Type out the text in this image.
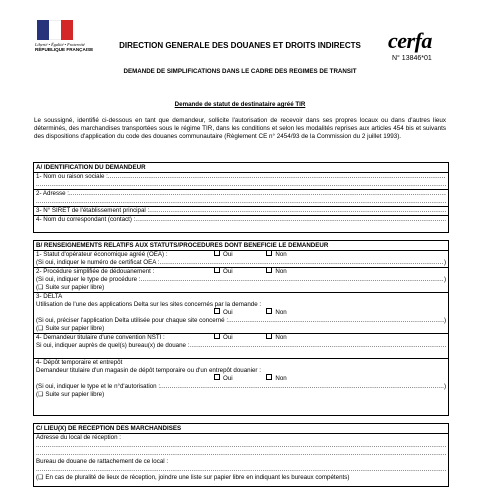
Liberté • Égalité • Fraternité
RÉPUBLIQUE FRANÇAISE	DIRECTION GENERALE DES DOUANES ET DROITS INDIRECTS
DEMANDE DE SIMPLIFICATIONS DANS LE CADRE DES REGIMES DE TRANSIT
cerfa
N° 13846*01
Demande de statut de destinataire agréé TIR
Le soussigné, identifié ci-dessous en tant que demandeur, sollicite l'autorisation de recevoir dans ses propres locaux ou dans d'autres lieux déterminés, des marchandises transportées sous le régime TIR, dans les conditions et selon les modalités reprises aux articles 454 bis et suivants des dispositions d'application du code des douanes communautaire (Règlement CE n° 2454/93 de la Commission du 2 juillet 1993).
A/ IDENTIFICATION DU DEMANDEUR
1- Nom ou raison sociale :
.....
.....
2- Adresse :
.....
.....
3- N° SIRET de l'établissement principal :
.....
4- Nom du correspondant (contact) :
.....
B/ RENSEIGNEMENTS RELATIFS AUX STATUTS/PROCEDURES DONT BENEFICIE LE DEMANDEUR
1- Statut d'opérateur économique agréé (OEA) :	Oui	Non
(Si oui, indiquer le numéro de certificat OEA : .....	)
2- Procédure simplifiée de dédouanement :	Oui	Non
(Si oui, indiquer le type de procédure : .....	)
(❑ Suite sur papier libre)
3- DELTA
Utilisation de l'une des applications Delta sur les sites concernés par la demande :
Oui	Non
(Si oui, préciser l'application Delta utilisée pour chaque site concerné : .....	)
(❑ Suite sur papier libre)
4- Demandeur titulaire d'une convention NSTI :	Oui	Non
Si oui, indiquer auprès de quel(s) bureau(x) de douane :
.....
4- Dépôt temporaire et entrepôt
Demandeur titulaire d'un magasin de dépôt temporaire ou d'un entrepôt douanier :
Oui	Non
(Si oui, indiquer le type et le n°d'autorisation : .....	)
(❑ Suite sur papier libre)
C/ LIEU(X) DE RECEPTION DES MARCHANDISES
Adresse du local de réception :
.....
.....
Bureau de douane de rattachement de ce local :
.....
(❑ En cas de pluralité de lieux de réception, joindre une liste sur papier libre en indiquant les bureaux compétents)
